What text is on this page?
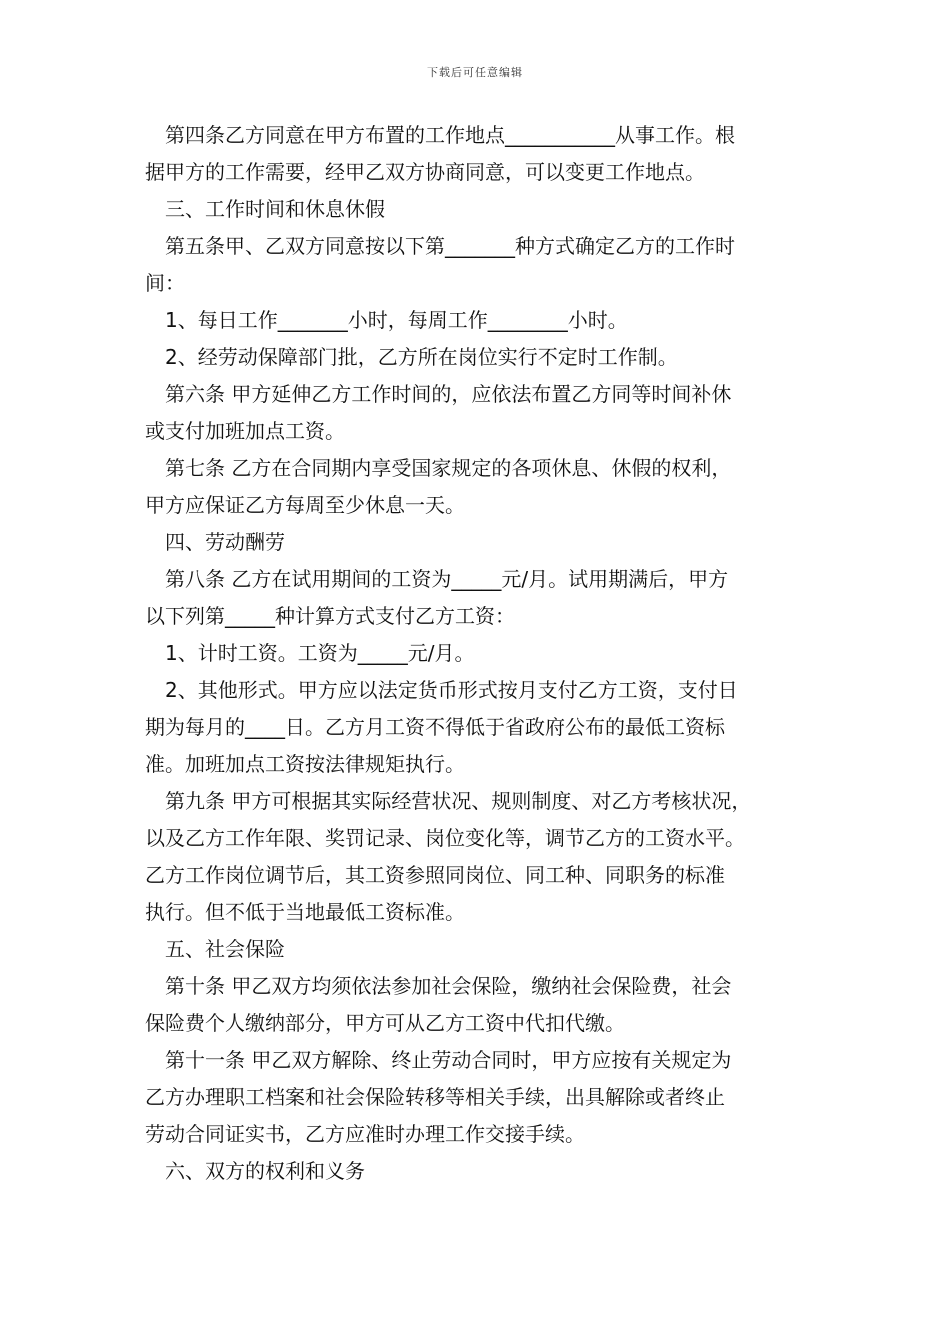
下载后可任意编辑
第四条乙方同意在甲方布置的工作地点___________从事工作。根
据甲方的工作需要，经甲乙双方协商同意，可以变更工作地点。
三、工作时间和休息休假
第五条甲、乙双方同意按以下第_______种方式确定乙方的工作时
间：
1、每日工作_______小时，每周工作________小时。
2、经劳动保障部门批，乙方所在岗位实行不定时工作制。
第六条 甲方延伸乙方工作时间的，应依法布置乙方同等时间补休
或支付加班加点工资。
第七条 乙方在合同期内享受国家规定的各项休息、休假的权利，
甲方应保证乙方每周至少休息一天。
四、劳动酬劳
第八条 乙方在试用期间的工资为_____元/月。试用期满后，甲方
以下列第_____种计算方式支付乙方工资：
1、计时工资。工资为_____元/月。
2、其他形式。甲方应以法定货币形式按月支付乙方工资，支付日
期为每月的____日。乙方月工资不得低于省政府公布的最低工资标
准。加班加点工资按法律规矩执行。
第九条 甲方可根据其实际经营状况、规则制度、对乙方考核状况，
以及乙方工作年限、奖罚记录、岗位变化等，调节乙方的工资水平。
乙方工作岗位调节后，其工资参照同岗位、同工种、同职务的标准
执行。但不低于当地最低工资标准。
五、社会保险
第十条 甲乙双方均须依法参加社会保险，缴纳社会保险费，社会
保险费个人缴纳部分，甲方可从乙方工资中代扣代缴。
第十一条 甲乙双方解除、终止劳动合同时，甲方应按有关规定为
乙方办理职工档案和社会保险转移等相关手续，出具解除或者终止
劳动合同证实书，乙方应准时办理工作交接手续。
六、双方的权利和义务
